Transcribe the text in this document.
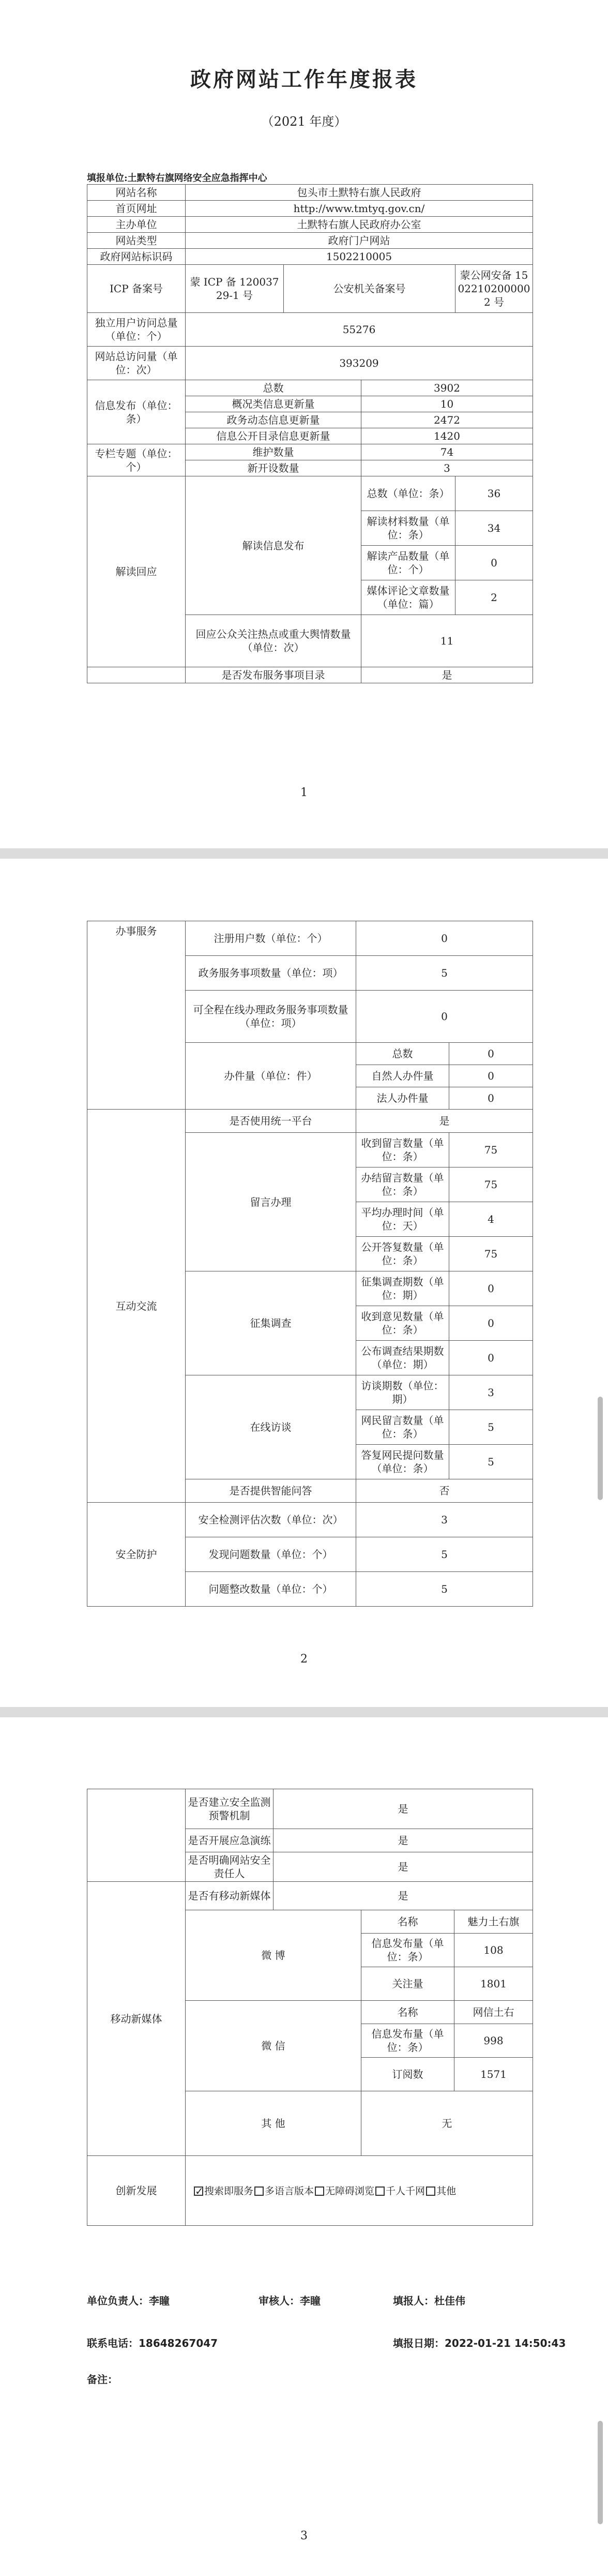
政府网站工作年度报表
（2021 年度）
填报单位:土默特右旗网络安全应急指挥中心
网站名称	包头市土默特右旗人民政府			
首页网址	http://www.tmtyq.gov.cn/			
主办单位	土默特右旗人民政府办公室			
网站类型	政府门户网站			
政府网站标识码	1502210005			
ICP 备案号	蒙 ICP 备 12003729-1 号	公安机关备案号		蒙公网安备 15022102000002 号
独立用户访问总量（单位：个）	55276			
网站总访问量（单位：次）	393209			
信息发布（单位：条）	总数		3902	
	概况类信息更新量		10	
	政务动态信息更新量		2472	
	信息公开目录信息更新量		1420	
专栏专题（单位：个）	维护数量		74	
	新开设数量		3	
解读回应	解读信息发布		总数（单位：条）	36
			解读材料数量（单位：条）	34
			解读产品数量（单位：个）	0
			媒体评论文章数量（单位：篇）	2
	回应公众关注热点或重大舆情数量（单位：次）		11	
	是否发布服务事项目录		是	
1
办事服务	注册用户数（单位：个）	0	
	政务服务事项数量（单位：项）	5	
	可全程在线办理政务服务事项数量（单位：项）	0	
	办件量（单位：件）	总数	0
		自然人办件量	0
		法人办件量	0
互动交流	是否使用统一平台	是	
	留言办理	收到留言数量（单位：条）	75
		办结留言数量（单位：条）	75
		平均办理时间（单位：天）	4
		公开答复数量（单位：条）	75
	征集调查	征集调查期数（单位：期）	0
		收到意见数量（单位：条）	0
		公布调查结果期数（单位：期）	0
	在线访谈	访谈期数（单位：期）	3
		网民留言数量（单位：条）	5
		答复网民提问数量（单位：条）	5
	是否提供智能问答	否	
安全防护	安全检测评估次数（单位：次）	3	
	发现问题数量（单位：个）	5	
	问题整改数量（单位：个）	5	
2
	是否建立安全监测预警机制	是		
	是否开展应急演练	是		
	是否明确网站安全责任人	是		
移动新媒体	是否有移动新媒体	是		
	微 博		名称	魅力土右旗
			信息发布量（单位：条）	108
			关注量	1801
	微 信		名称	网信土右
			信息发布量（单位：条）	998
			订阅数	1571
	其 他		无	
创新发展	✓搜索即服务 多语言版本 无障碍浏览 千人千网 其他
单位负责人：李瞳	审核人：李瞳	填报人：杜佳伟
联系电话：18648267047	填报日期：2022-01-21 14:50:43
备注：
3
